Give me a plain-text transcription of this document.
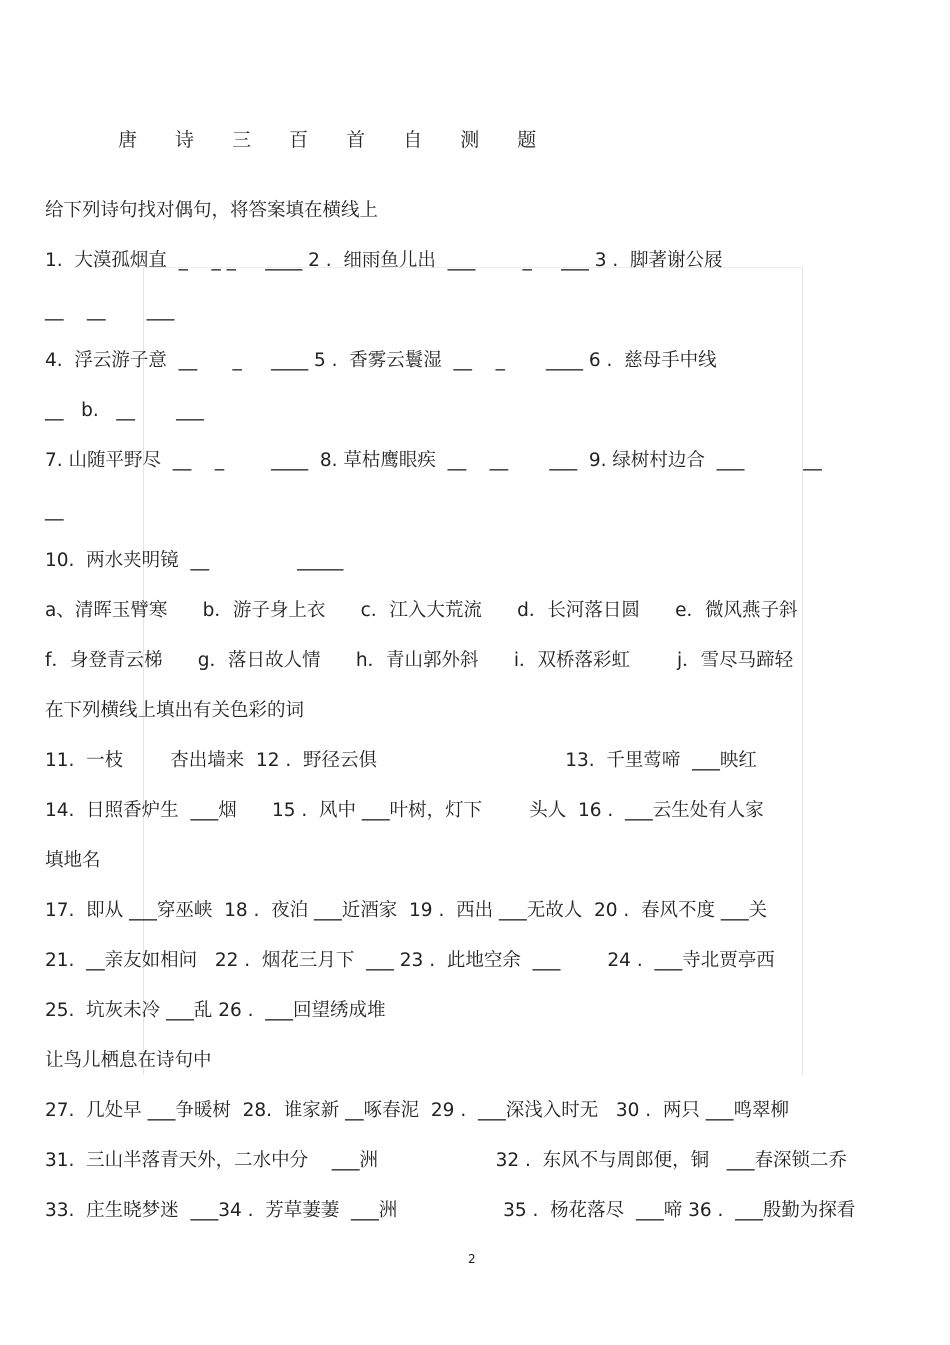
唐 诗 三 百 首 自 测 题
给下列诗句找对偶句，将答案填在横线上
1.  大漠孤烟直  _    _ _     ____ 2 .  细雨鱼儿出  ___        _     ___ 3 .  脚著谢公屐
__    __       ___
4.  浮云游子意  __      _     ____ 5 .  香雾云鬟湿  __    _       ____ 6 .  慈母手中线
__   b.   __       ___
7. 山随平野尽  __    _        ____  8. 草枯鹰眼疾  __    __       ___  9. 绿树村边合  ___          __
__
10.  两水夹明镜  __               _____
a、清晖玉臂寒      b．游子身上衣      c．江入大荒流      d．长河落日圆      e．微风燕子斜
f．身登青云梯      g．落日故人情      h．青山郭外斜      i．双桥落彩虹        j．雪尽马蹄轻
在下列横线上填出有关色彩的词
11.  一枝        杏出墙来  12 .  野径云俱                                13.  千里莺啼  ___映红
14.  日照香炉生  ___烟      15 .  风中 ___叶树，灯下        头人  16 .  ___云生处有人家
填地名
17.  即从 ___穿巫峡  18 .  夜泊 ___近酒家  19 .  西出 ___无故人  20 .  春风不度 ___关
21.  __亲友如相问   22 .  烟花三月下  ___ 23 .  此地空余  ___        24 .  ___寺北贾亭西
25.  坑灰未冷 ___乱 26 .  ___回望绣成堆
让鸟儿栖息在诗句中
27.  几处早 ___争暖树  28.  谁家新 __啄春泥  29 .  ___深浅入时无   30 .  两只 ___鸣翠柳
31.  三山半落青天外，二水中分    ___洲                    32 .  东风不与周郎便，铜   ___春深锁二乔
33.  庄生晓梦迷  ___34 .  芳草萋萋  ___洲                  35 .  杨花落尽  ___啼 36 .  ___殷勤为探看
2
